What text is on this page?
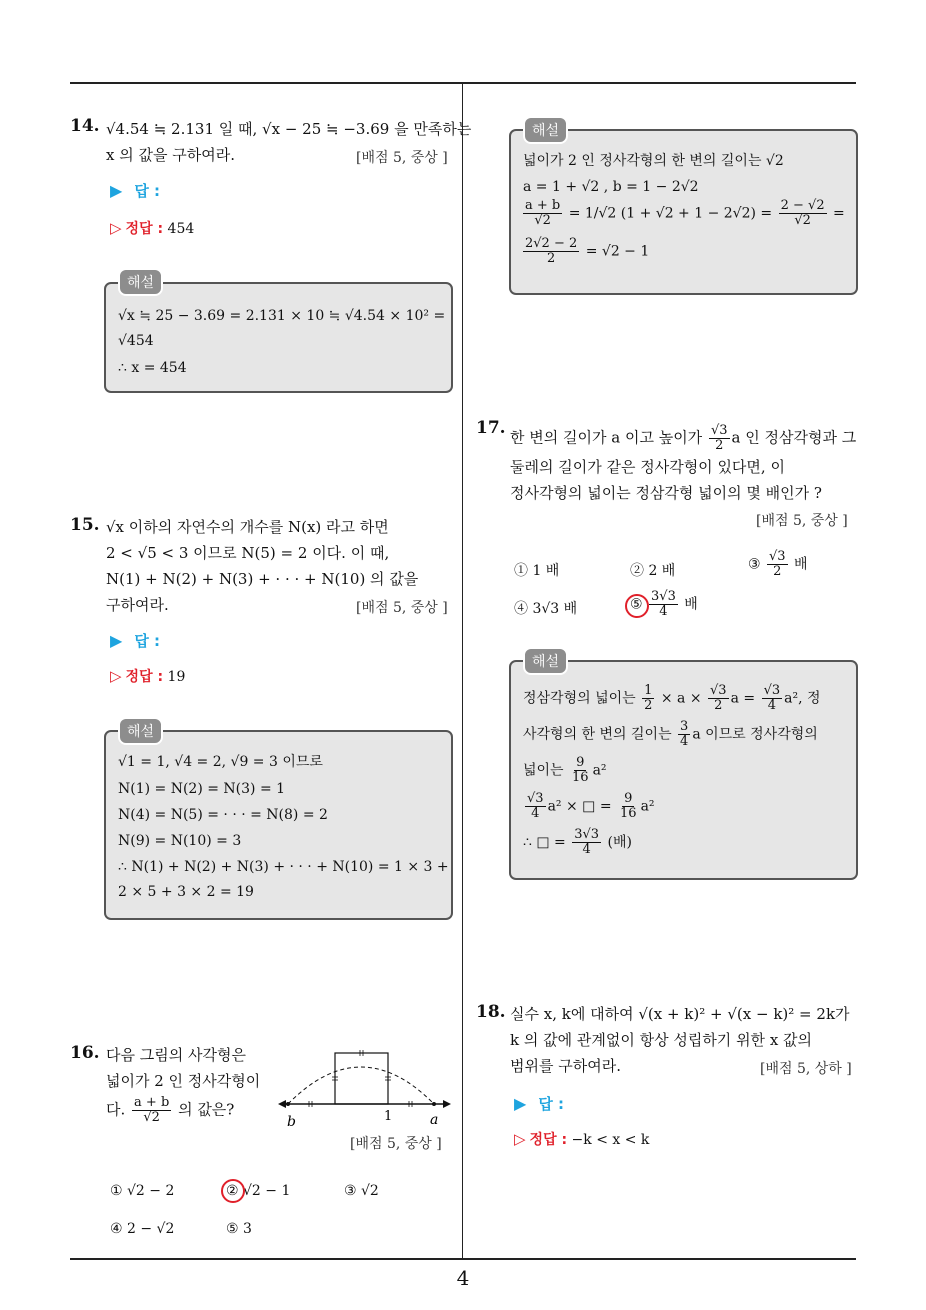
4
14. √4.54 ≒ 2.131 일 때, √x − 25 ≒ −3.69 을 만족하는
x 의 값을 구하여라.	[배점 5, 중상 ]
▶ 답 :
▷ 정답 : 454
√x ≒ 25 − 3.69 = 2.131 × 10 ≒ √4.54 × 10² =
√454
∴ x = 454
해설
15. √x 이하의 자연수의 개수를 N(x) 라고 하면
2 < √5 < 3 이므로 N(5) = 2 이다. 이 때,
N(1) + N(2) + N(3) + · · · + N(10) 의 값을
구하여라.	[배점 5, 중상 ]
▶ 답 :
▷ 정답 : 19
√1 = 1, √4 = 2, √9 = 3 이므로
N(1) = N(2) = N(3) = 1
N(4) = N(5) = · · · = N(8) = 2
N(9) = N(10) = 3
∴ N(1) + N(2) + N(3) + · · · + N(10) = 1 × 3 +
2 × 5 + 3 × 2 = 19
해설
16. 다음 그림의 사각형은
넓이가 2 인 정사각형이
다. $\frac{a + b}{√2}$ 의 값은?
b	1	a
[배점 5, 중상 ]
① √2 − 2	② √2 − 1	③ √2
④ 2 − √2	⑤ 3
넓이가 2 인 정사각형의 한 변의 길이는 √2
a = 1 + √2 , b = 1 − 2√2
$\frac{a + b}{√2} = 1/√2$ $(1 + √2 + 1 - 2√2) = \frac{2 - √2}{√2}$ =
$\frac{2√2 - 2}{2} = √2 - 1$
해설
17. 한 변의 길이가 a 이고 높이가 $\frac{√3}{2}$ a 인 정삼각형과 그
둘레의 길이가 같은 정사각형이 있다면, 이
정사각형의 넓이는 정삼각형 넓이의 몇 배인가 ?
[배점 5, 중상 ]
① 1 배	② 2 배	③ $\frac{√3}{2}$ 배
④ 3√3 배	⑤ $\frac{3√3}{4}$ 배
정삼각형의 넓이는 $\frac{1}{2} \times a \times \frac{√3}{2}$ $a = \frac{√3}{4} a^2$, 정
사각형의 한 변의 길이는 $\frac{3}{4}$ a 이므로 정사각형의
넓이는 $\frac{9}{16} a^2$
$\frac{√3}{4} a^2$ × □ = $\frac{9}{16} a^2$
∴ □ = $\frac{3√3}{4}$ (배)
해설
18. 실수 x, k에 대하여 √(x + k)² + √(x − k)² = 2k가
k 의 값에 관계없이 항상 성립하기 위한 x 값의
범위를 구하여라.	[배점 5, 상하 ]
▶ 답 :
▷ 정답 : −k < x < k
